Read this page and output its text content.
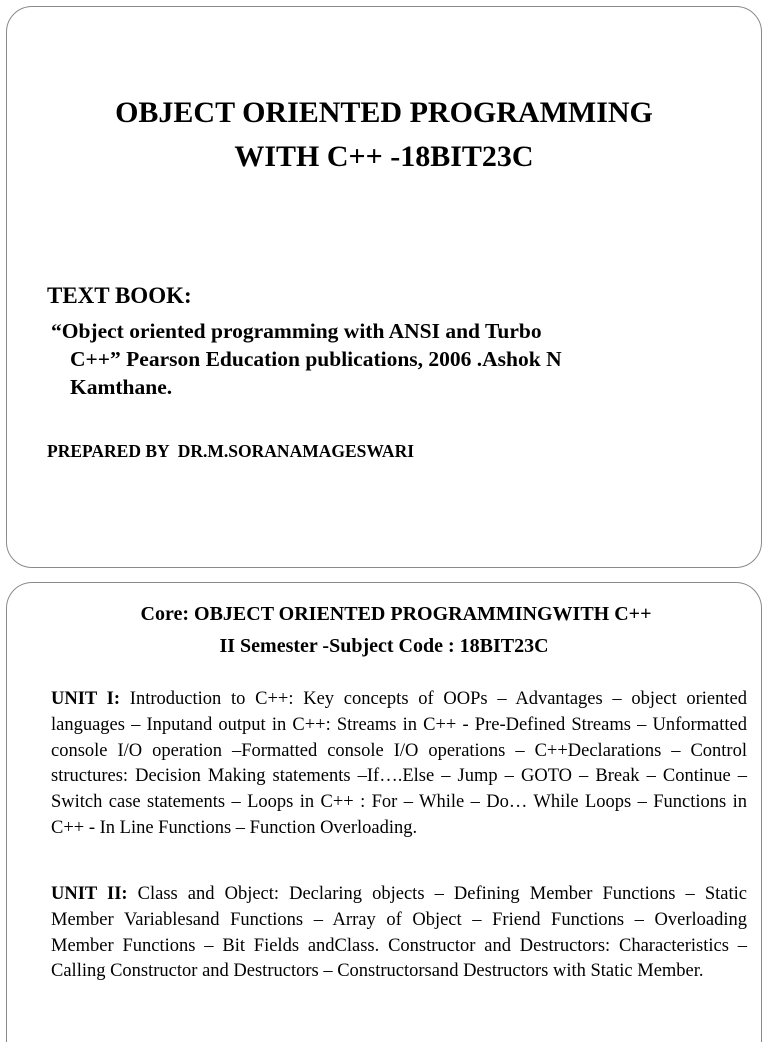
OBJECT ORIENTED PROGRAMMING
WITH C++ -18BIT23C
TEXT BOOK:
“Object oriented programming with ANSI and Turbo
C++” Pearson Education publications, 2006 .Ashok N
Kamthane.
PREPARED BY  DR.M.SORANAMAGESWARI
Core: OBJECT ORIENTED PROGRAMMINGWITH C++
II Semester -Subject Code : 18BIT23C
UNIT I: Introduction to C++: Key concepts of OOPs – Advantages – object oriented languages – Inputand output in C++: Streams in C++ - Pre-Defined Streams – Unformatted console I/O operation –Formatted console I/O operations – C++Declarations – Control structures: Decision Making statements –If….Else – Jump – GOTO – Break – Continue – Switch case statements – Loops in C++ : For – While – Do… While Loops – Functions in C++ - In Line Functions – Function Overloading.
UNIT II: Class and Object: Declaring objects – Defining Member Functions – Static Member Variablesand Functions – Array of Object – Friend Functions – Overloading Member Functions – Bit Fields andClass. Constructor and Destructors: Characteristics – Calling Constructor and Destructors – Constructorsand Destructors with Static Member.
